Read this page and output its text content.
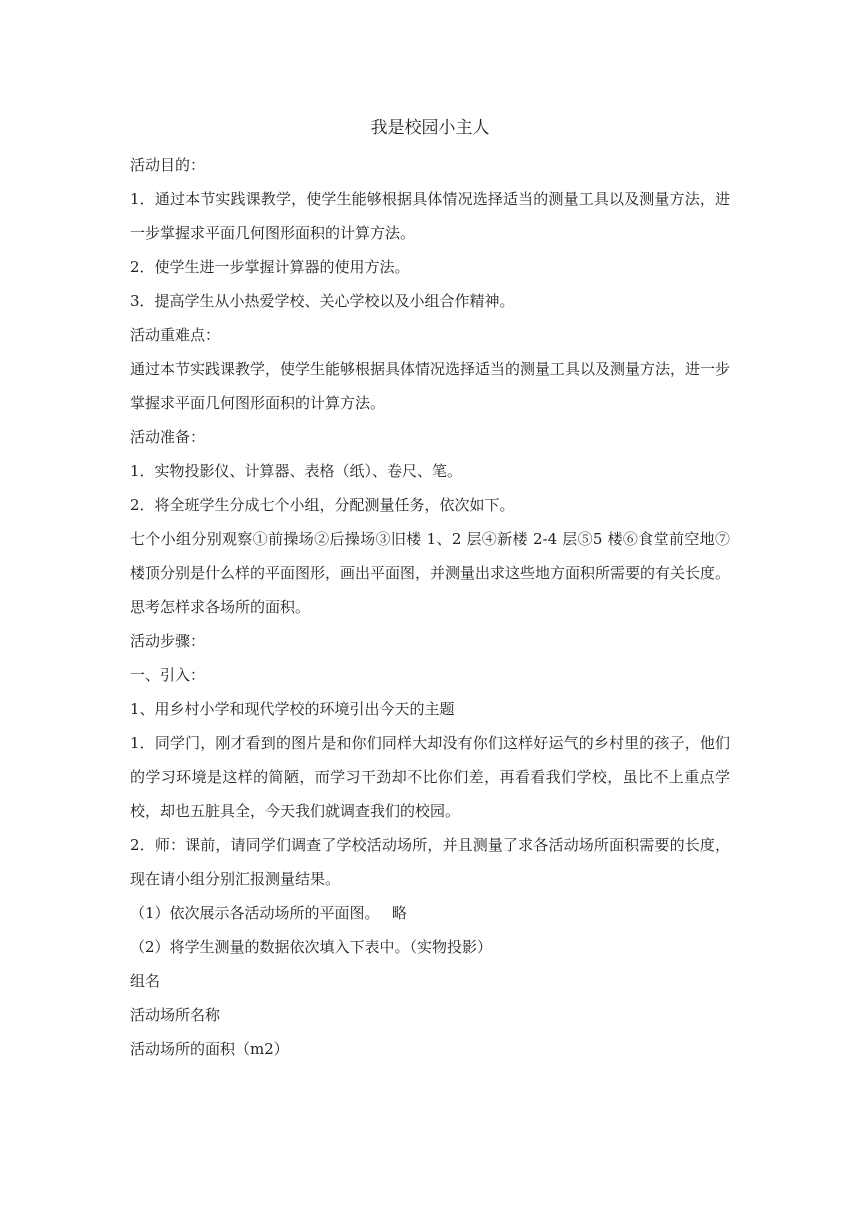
我是校园小主人

活动目的：

1．通过本节实践课教学，使学生能够根据具体情况选择适当的测量工具以及测量方法，进一步掌握求平面几何图形面积的计算方法。

2．使学生进一步掌握计算器的使用方法。

3．提高学生从小热爱学校、关心学校以及小组合作精神。

活动重难点：

通过本节实践课教学，使学生能够根据具体情况选择适当的测量工具以及测量方法，进一步掌握求平面几何图形面积的计算方法。

活动准备：

1．实物投影仪、计算器、表格（纸）、卷尺、笔。

2．将全班学生分成七个小组，分配测量任务，依次如下。

七个小组分别观察①前操场②后操场③旧楼 1、2 层④新楼 2-4 层⑤5 楼⑥食堂前空地⑦楼顶分别是什么样的平面图形，画出平面图，并测量出求这些地方面积所需要的有关长度。思考怎样求各场所的面积。

活动步骤：

一、引入：

1、用乡村小学和现代学校的环境引出今天的主题

1．同学门，刚才看到的图片是和你们同样大却没有你们这样好运气的乡村里的孩子，他们的学习环境是这样的简陋，而学习干劲却不比你们差，再看看我们学校，虽比不上重点学校，却也五脏具全，今天我们就调查我们的校园。

2．师：课前，请同学们调查了学校活动场所，并且测量了求各活动场所面积需要的长度，现在请小组分别汇报测量结果。

（1）依次展示各活动场所的平面图。　 略

（2）将学生测量的数据依次填入下表中。（实物投影）

组名

活动场所名称

活动场所的面积（m2）
